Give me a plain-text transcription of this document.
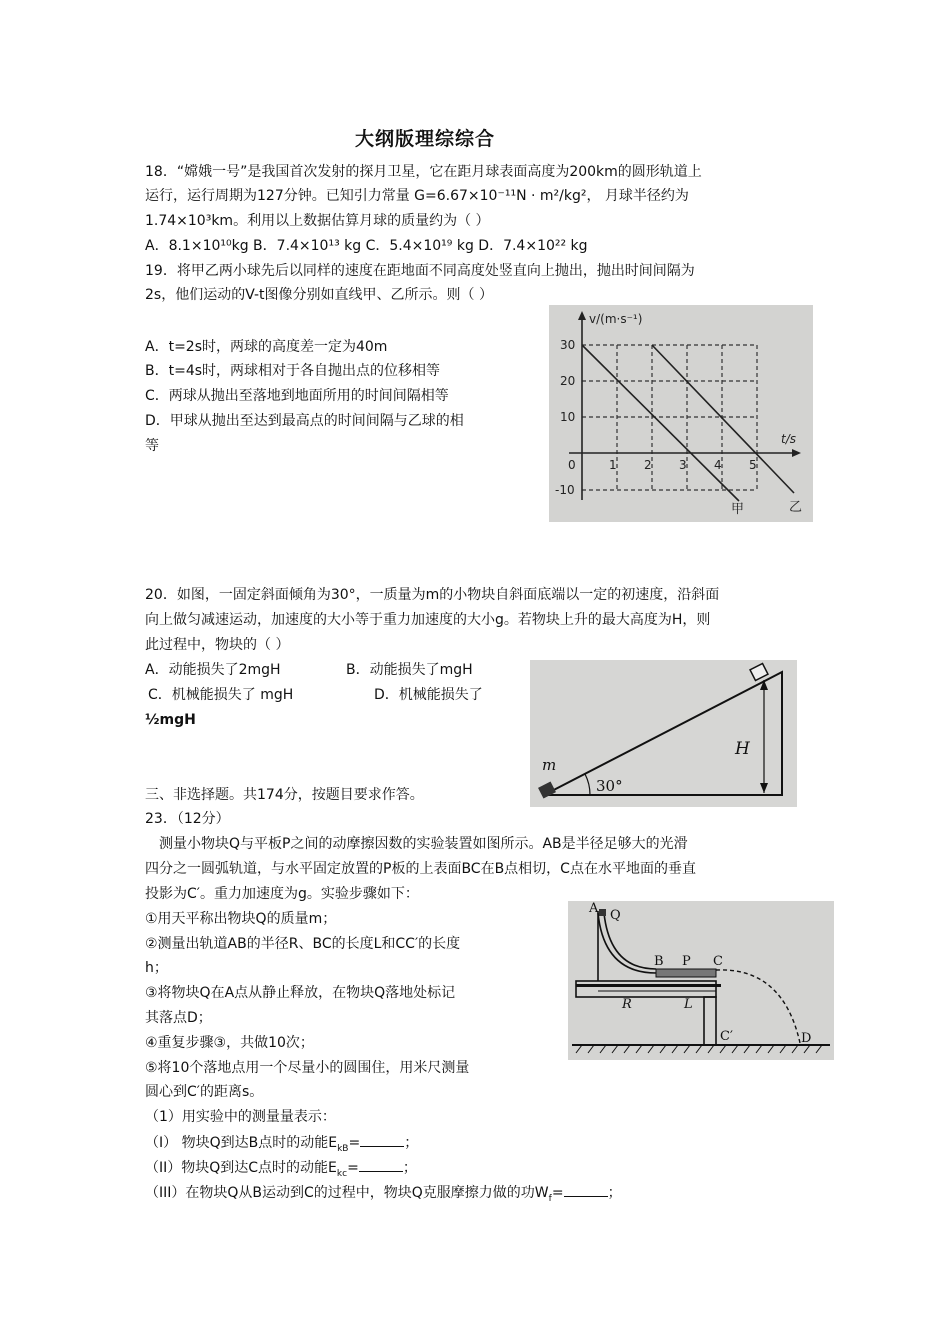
大纲版理综综合
18．“嫦娥一号”是我国首次发射的探月卫星，它在距月球表面高度为200km的圆形轨道上
运行，运行周期为127分钟。已知引力常量 G=6.67×10⁻¹¹N · m²/kg²， 月球半径约为
1.74×10³km。利用以上数据估算月球的质量约为（ ）
A．8.1×10¹⁰kg B．7.4×10¹³ kg C．5.4×10¹⁹ kg D．7.4×10²² kg
19．将甲乙两小球先后以同样的速度在距地面不同高度处竖直向上抛出，抛出时间间隔为
2s，他们运动的V-t图像分别如直线甲、乙所示。则（ ）
A．t=2s时，两球的高度差一定为40m
B．t=4s时，两球相对于各自抛出点的位移相等
C．两球从抛出至落地到地面所用的时间间隔相等
D．甲球从抛出至达到最高点的时间间隔与乙球的相
等
v/(m·s⁻¹)
t/s
30
20
10
0
-10
1 2 3 4 5
甲	乙
20．如图，一固定斜面倾角为30°，一质量为m的小物块自斜面底端以一定的初速度，沿斜面
向上做匀减速运动，加速度的大小等于重力加速度的大小g。若物块上升的最大高度为H，则
此过程中，物块的（ ）
A．动能损失了2mgH	B．动能损失了mgH
C．机械能损失了 mgH	D．机械能损失了
½mgH
m
30°
H
三、非选择题。共174分，按题目要求作答。
23．（12分）
测量小物块Q与平板P之间的动摩擦因数的实验装置如图所示。AB是半径足够大的光滑
四分之一圆弧轨道，与水平固定放置的P板的上表面BC在B点相切，C点在水平地面的垂直
投影为C′。重力加速度为g。实验步骤如下：
①用天平称出物块Q的质量m；
②测量出轨道AB的半径R、BC的长度L和CC′的长度
h；
③将物块Q在A点从静止释放，在物块Q落地处标记
其落点D；
④重复步骤③，共做10次；
⑤将10个落地点用一个尽量小的圆围住，用米尺测量
圆心到C′的距离s。
（1）用实验中的测量量表示：
（I） 物块Q到达B点时的动能$E_{kB}=$	；
（II）物块Q到达C点时的动能$E_{kc}=$	；
（III）在物块Q从B运动到C的过程中，物块Q克服摩擦力做的功$W_f=$	；
A Q
B P C
R	L
C′	D
